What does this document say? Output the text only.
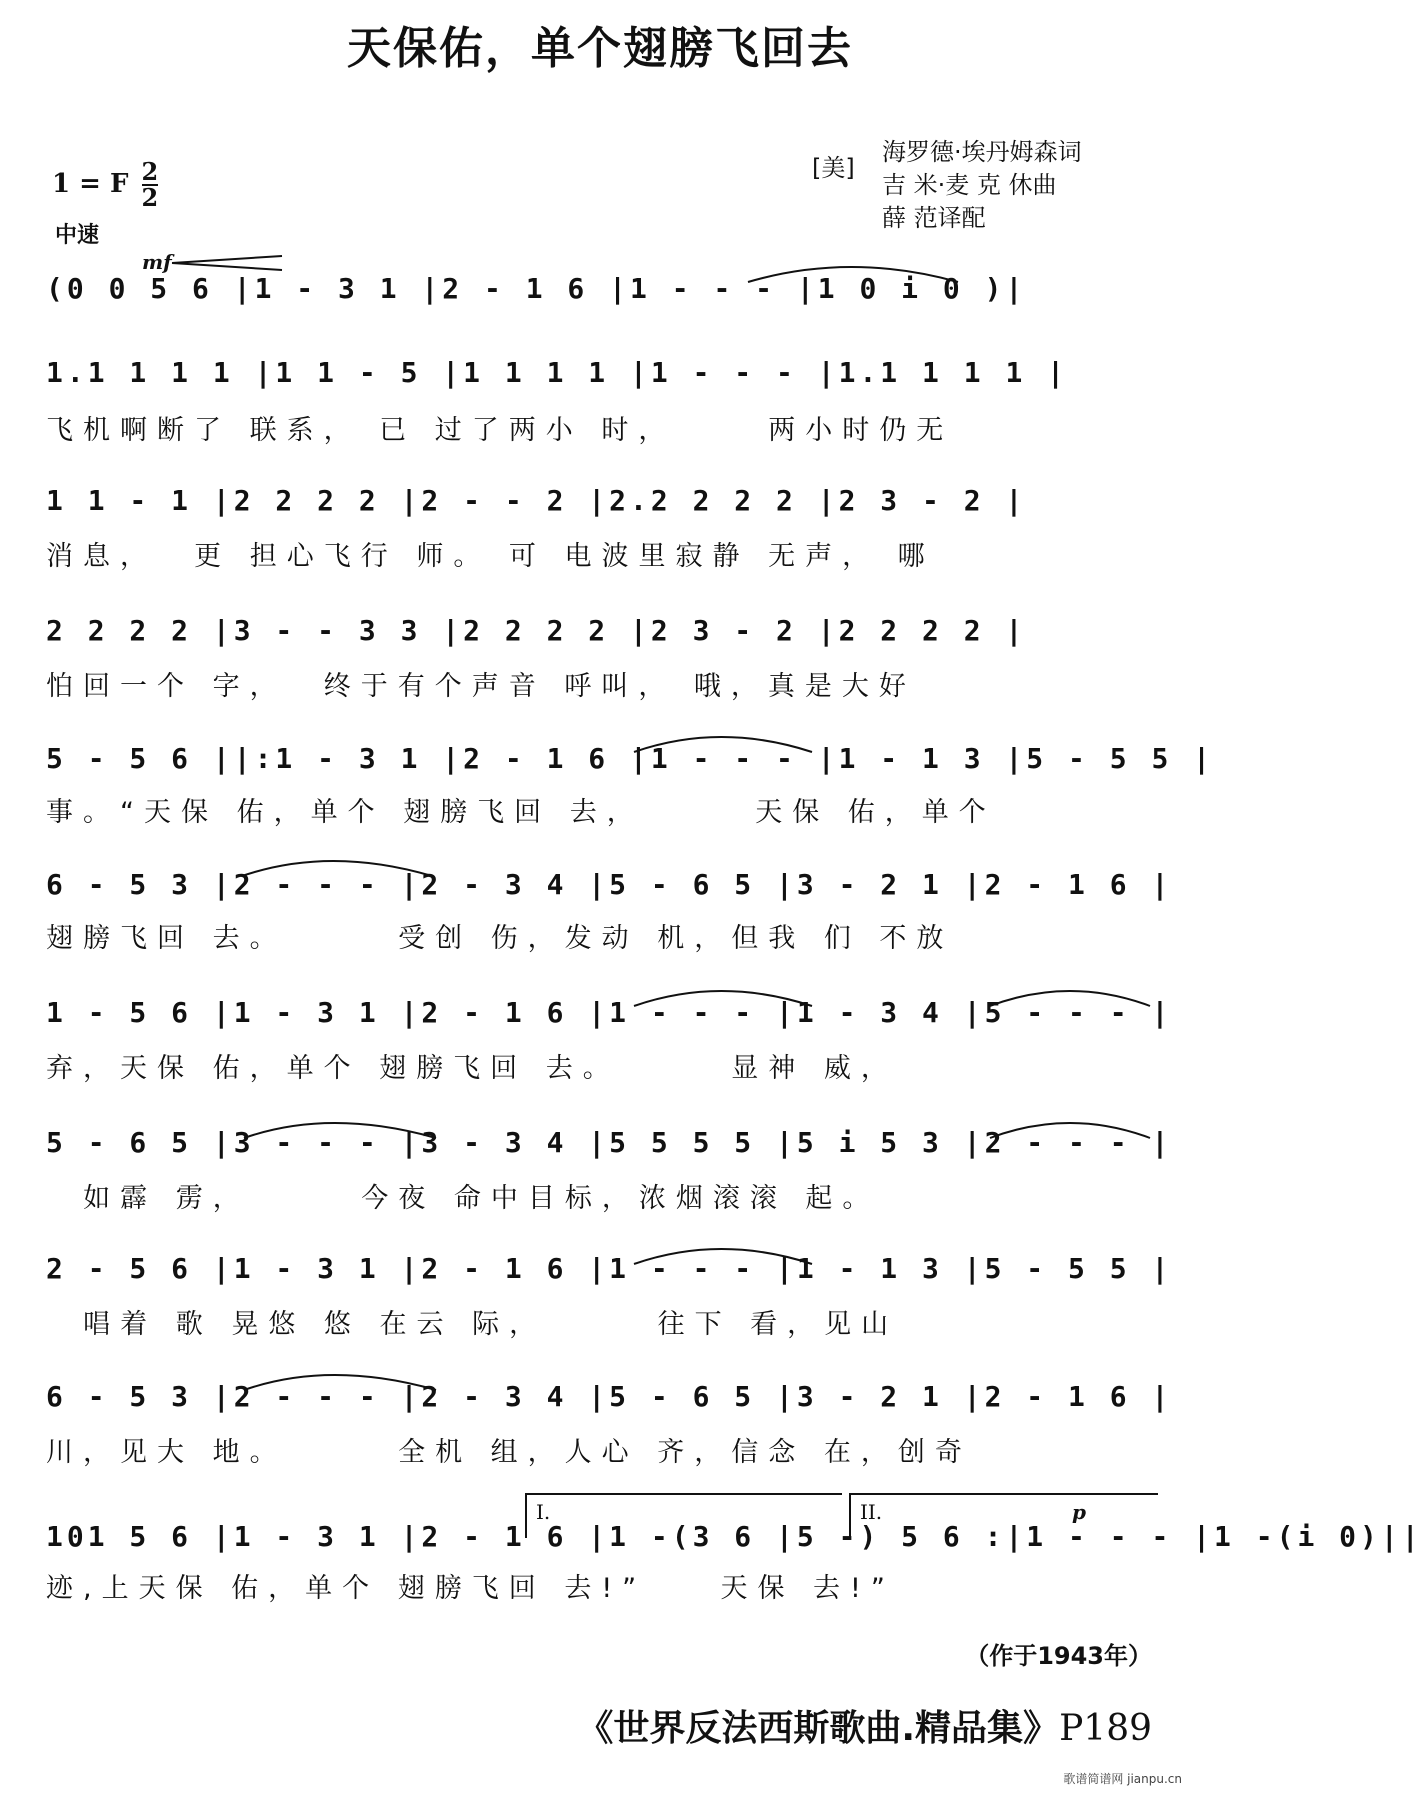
天保佑，单个翅膀飞回去
1 = F $\frac{2}{2}$
中速
[美]
海罗德·埃丹姆森词
吉 米·麦 克 休曲
薛 范译配
mf
(0 0 5 6 |1 - 3 1 |2 - 1 6 |1 - - - |1 0 i 0 )|
1.1 1 1 1 |1 1 - 5 |1 1 1 1 |1 - - - |1.1 1 1 1 |
飞机啊断了 联系， 已 过了两小 时，     两小时仍无
1 1 - 1 |2 2 2 2 |2 - - 2 |2.2 2 2 2 |2 3 - 2 |
消息，  更 担心飞行 师。 可 电波里寂静 无声， 哪
2 2 2 2 |3 - - 3 3 |2 2 2 2 |2 3 - 2 |2 2 2 2 |
怕回一个 字，  终于有个声音 呼叫， 哦，真是大好
5 - 5 6 ||:1 - 3 1 |2 - 1 6 |1 - - - |1 - 1 3 |5 - 5 5 |
事。“天保 佑，单个 翅膀飞回 去，      天保 佑，单个
6 - 5 3 |2 - - - |2 - 3 4 |5 - 6 5 |3 - 2 1 |2 - 1 6 |
翅膀飞回 去。      受创 伤，发动 机，但我 们 不放
1 - 5 6 |1 - 3 1 |2 - 1 6 |1 - - - |1 - 3 4 |5 - - - |
弃，天保 佑，单个 翅膀飞回 去。      显神 威，
5 - 6 5 |3 - - - |3 - 3 4 |5 5 5 5 |5 i 5 3 |2 - - - |
如霹 雳，      今夜 命中目标，浓烟滚滚 起。
2 - 5 6 |1 - 3 1 |2 - 1 6 |1 - - - |1 - 1 3 |5 - 5 5 |
唱着 歌 晃悠 悠 在云 际，      往下 看，见山
6 - 5 3 |2 - - - |2 - 3 4 |5 - 6 5 |3 - 2 1 |2 - 1 6 |
川，见大 地。      全机 组，人心 齐，信念 在，创奇
101 5 6 |1 - 3 1 |2 - 1 6 |1 -(3 6 |5 -) 5 6 :|1 - - - |1 -(i 0)||
迹,上天保 佑，单个 翅膀飞回 去!”    天保 去!”
I.	II.	p
（作于1943年）
《世界反法西斯歌曲.精品集》P189
歌谱简谱网 jianpu.cn
